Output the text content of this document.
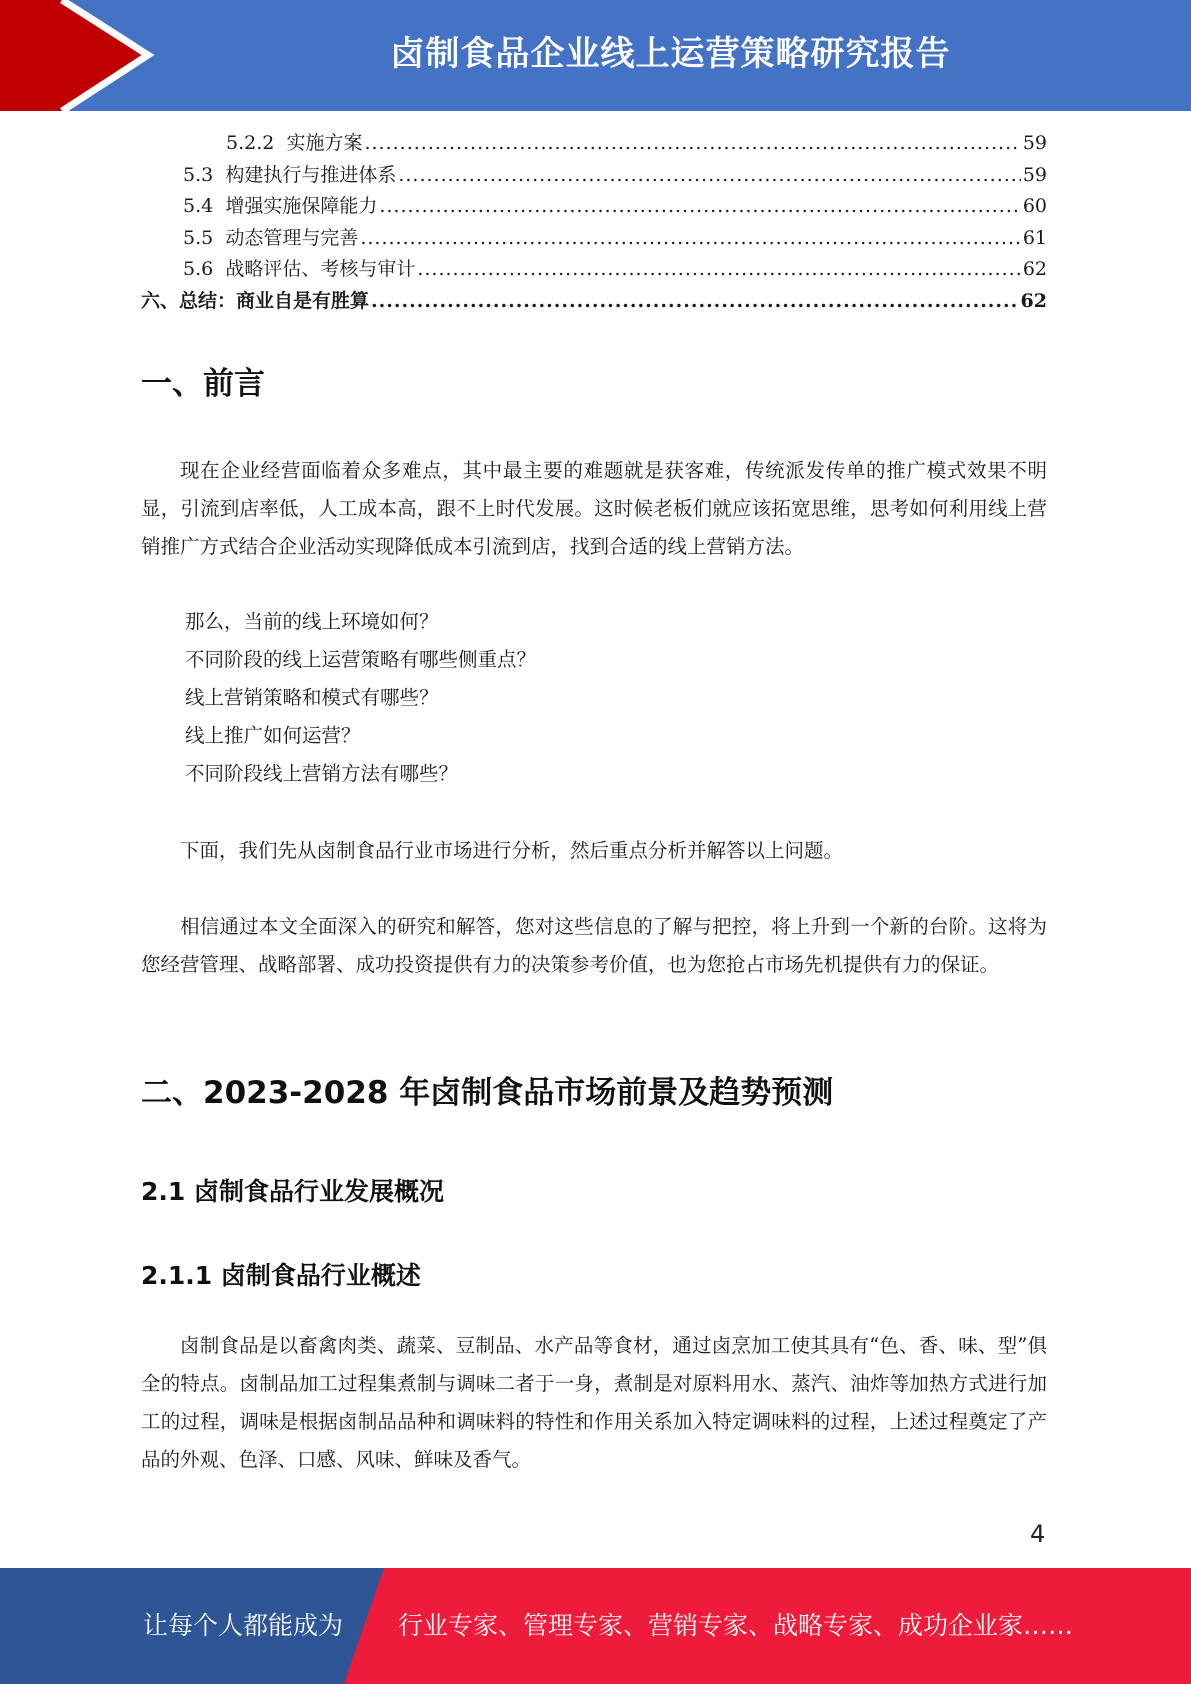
卤制食品企业线上运营策略研究报告
5.2.2 实施方案 .....	59
5.3 构建执行与推进体系 .....	59
5.4 增强实施保障能力 .....	60
5.5 动态管理与完善 .....	61
5.6 战略评估、考核与审计 .....	62
六、总结：商业自是有胜算 .....	62
一、前言
现在企业经营面临着众多难点，其中最主要的难题就是获客难，传统派发传单的推广模式效果不明显，引流到店率低，人工成本高，跟不上时代发展。这时候老板们就应该拓宽思维，思考如何利用线上营销推广方式结合企业活动实现降低成本引流到店，找到合适的线上营销方法。
那么，当前的线上环境如何？
不同阶段的线上运营策略有哪些侧重点？
线上营销策略和模式有哪些？
线上推广如何运营？
不同阶段线上营销方法有哪些？
下面，我们先从卤制食品行业市场进行分析，然后重点分析并解答以上问题。
相信通过本文全面深入的研究和解答，您对这些信息的了解与把控，将上升到一个新的台阶。这将为您经营管理、战略部署、成功投资提供有力的决策参考价值，也为您抢占市场先机提供有力的保证。
二、2023-2028 年卤制食品市场前景及趋势预测
2.1 卤制食品行业发展概况
2.1.1 卤制食品行业概述
卤制食品是以畜禽肉类、蔬菜、豆制品、水产品等食材，通过卤烹加工使其具有“色、香、味、型”俱全的特点。卤制品加工过程集煮制与调味二者于一身，煮制是对原料用水、蒸汽、油炸等加热方式进行加工的过程，调味是根据卤制品品种和调味料的特性和作用关系加入特定调味料的过程，上述过程奠定了产品的外观、色泽、口感、风味、鲜味及香气。
4
让每个人都能成为 行业专家、管理专家、营销专家、战略专家、成功企业家……
